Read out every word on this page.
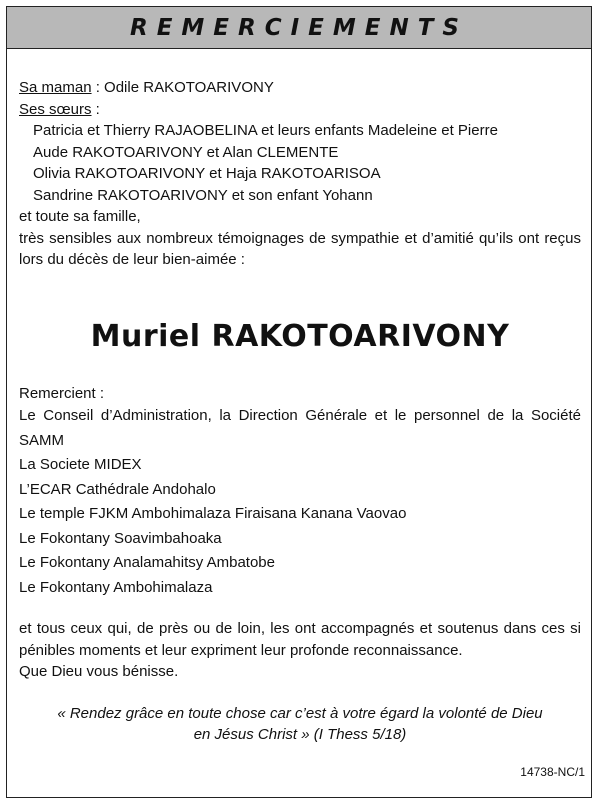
REMERCIEMENTS
Sa maman : Odile RAKOTOARIVONY
Ses sœurs :
Patricia et Thierry RAJAOBELINA et leurs enfants Madeleine et Pierre
Aude RAKOTOARIVONY et Alan CLEMENTE
Olivia RAKOTOARIVONY et Haja RAKOTOARISOA
Sandrine RAKOTOARIVONY et son enfant Yohann
et toute sa famille,
très sensibles aux nombreux témoignages de sympathie et d’amitié qu’ils ont reçus lors du décès de leur bien-aimée :
Muriel RAKOTOARIVONY
Remercient :
Le Conseil d’Administration, la Direction Générale et le personnel de la Société SAMM
La Societe MIDEX
L’ECAR Cathédrale Andohalo
Le temple FJKM Ambohimalaza Firaisana Kanana Vaovao
Le Fokontany Soavimbahoaka
Le Fokontany Analamahitsy Ambatobe
Le Fokontany Ambohimalaza
et tous ceux qui, de près ou de loin, les ont accompagnés et soutenus dans ces si pénibles moments et leur expriment leur profonde reconnaissance.
Que Dieu vous bénisse.
« Rendez grâce en toute chose car c’est à votre égard la volonté de Dieu
en Jésus Christ » (I Thess 5/18)
14738-NC/1
